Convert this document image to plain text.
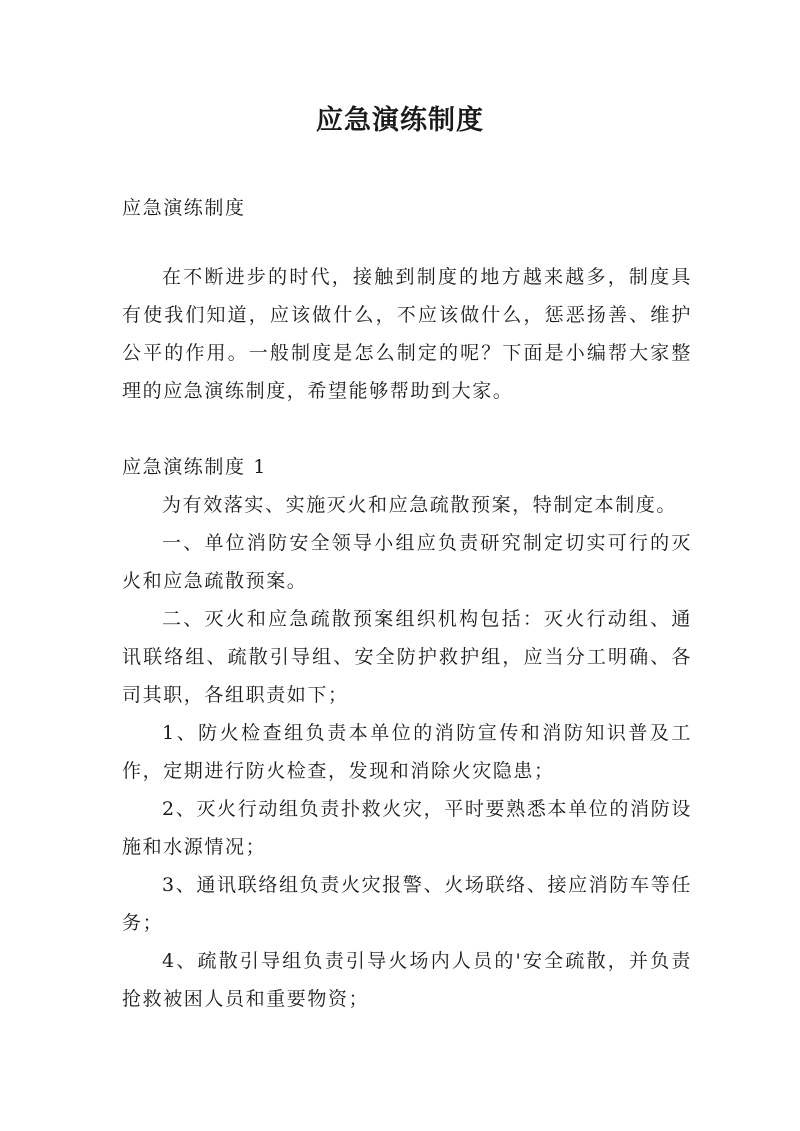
应急演练制度

应急演练制度

在不断进步的时代，接触到制度的地方越来越多，制度具有使我们知道，应该做什么，不应该做什么，惩恶扬善、维护公平的作用。一般制度是怎么制定的呢？下面是小编帮大家整理的应急演练制度，希望能够帮助到大家。

应急演练制度 1

为有效落实、实施灭火和应急疏散预案，特制定本制度。

一、单位消防安全领导小组应负责研究制定切实可行的灭火和应急疏散预案。

二、灭火和应急疏散预案组织机构包括：灭火行动组、通讯联络组、疏散引导组、安全防护救护组，应当分工明确、各司其职，各组职责如下；

1、防火检查组负责本单位的消防宣传和消防知识普及工作，定期进行防火检查，发现和消除火灾隐患；

2、灭火行动组负责扑救火灾，平时要熟悉本单位的消防设施和水源情况；

3、通讯联络组负责火灾报警、火场联络、接应消防车等任务；

4、疏散引导组负责引导火场内人员的'安全疏散，并负责抢救被困人员和重要物资；
